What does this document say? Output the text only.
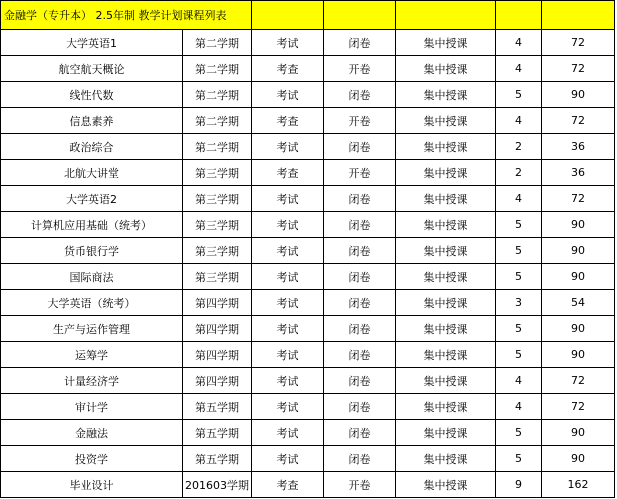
金融学（专升本） 2.5年制 教学计划课程列表						
大学英语1	第二学期	考试	闭卷	集中授课	4	72
航空航天概论	第二学期	考查	开卷	集中授课	4	72
线性代数	第二学期	考试	闭卷	集中授课	5	90
信息素养	第二学期	考查	开卷	集中授课	4	72
政治综合	第二学期	考试	闭卷	集中授课	2	36
北航大讲堂	第三学期	考查	开卷	集中授课	2	36
大学英语2	第三学期	考试	闭卷	集中授课	4	72
计算机应用基础（统考）	第三学期	考试	闭卷	集中授课	5	90
货币银行学	第三学期	考试	闭卷	集中授课	5	90
国际商法	第三学期	考试	闭卷	集中授课	5	90
大学英语（统考）	第四学期	考试	闭卷	集中授课	3	54
生产与运作管理	第四学期	考试	闭卷	集中授课	5	90
运筹学	第四学期	考试	闭卷	集中授课	5	90
计量经济学	第四学期	考试	闭卷	集中授课	4	72
审计学	第五学期	考试	闭卷	集中授课	4	72
金融法	第五学期	考试	闭卷	集中授课	5	90
投资学	第五学期	考试	闭卷	集中授课	5	90
毕业设计	201603学期	考查	开卷	集中授课	9	162
